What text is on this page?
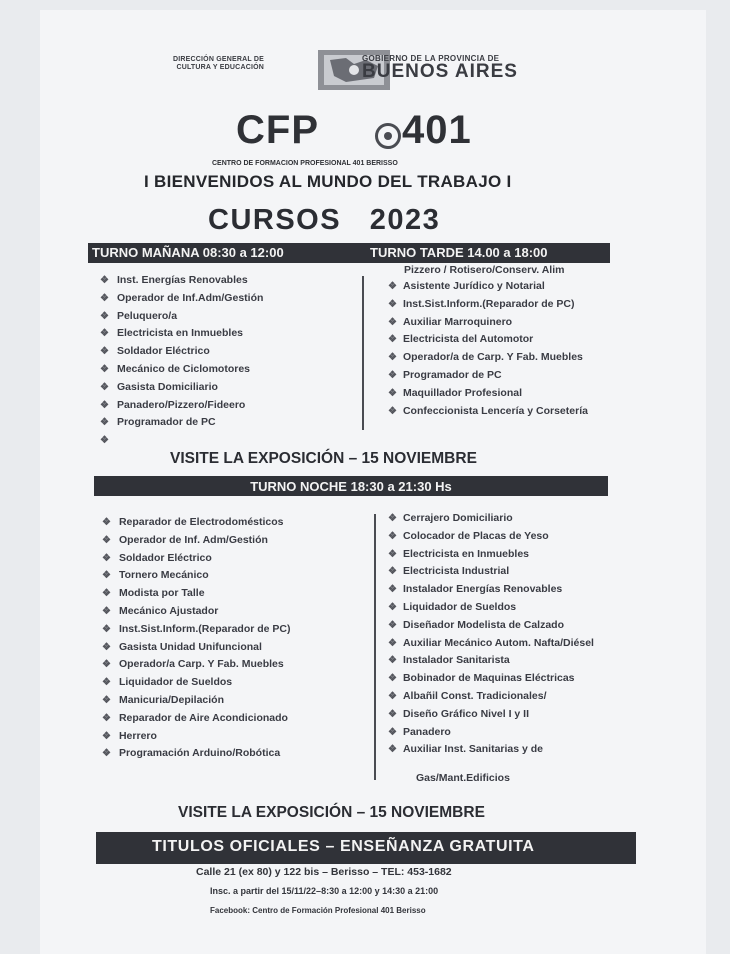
DIRECCIÓN GENERAL DE
CULTURA Y EDUCACIÓN
GOBIERNO DE LA PROVINCIA DE
BUENOS AIRES
CFP 401
CENTRO DE FORMACION PROFESIONAL 401 BERISSO
I BIENVENIDOS AL MUNDO DEL TRABAJO I
CURSOS   2023
TURNO MAÑANA 08:30 a 12:00	TURNO TARDE 14.00 a 18:00
❖ Inst. Energías Renovables
❖ Operador de Inf.Adm/Gestión
❖ Peluquero/a
❖ Electricista en Inmuebles
❖ Soldador Eléctrico
❖ Mecánico de Ciclomotores
❖ Gasista Domiciliario
❖ Panadero/Pizzero/Fideero
❖ Programador de PC
❖
Pizzero / Rotisero/Conserv. Alim
❖ Asistente Jurídico y Notarial
❖ Inst.Sist.Inform.(Reparador de PC)
❖ Auxiliar Marroquinero
❖ Electricista del Automotor
❖ Operador/a de Carp. Y Fab. Muebles
❖ Programador de PC
❖ Maquillador Profesional
❖ Confeccionista Lencería y Corsetería
VISITE LA EXPOSICIÓN – 15 NOVIEMBRE
TURNO NOCHE 18:30 a 21:30 Hs
❖ Reparador de Electrodomésticos
❖ Operador de Inf. Adm/Gestión
❖ Soldador Eléctrico
❖ Tornero Mecánico
❖ Modista por Talle
❖ Mecánico Ajustador
❖ Inst.Sist.Inform.(Reparador de PC)
❖ Gasista Unidad Unifuncional
❖ Operador/a Carp. Y Fab. Muebles
❖ Liquidador de Sueldos
❖ Manicuria/Depilación
❖ Reparador de Aire Acondicionado
❖ Herrero
❖ Programación Arduino/Robótica
❖ Cerrajero Domiciliario
❖ Colocador de Placas de Yeso
❖ Electricista en Inmuebles
❖ Electricista Industrial
❖ Instalador Energías Renovables
❖ Liquidador de Sueldos
❖ Diseñador Modelista de Calzado
❖ Auxiliar Mecánico Autom. Nafta/Diésel
❖ Instalador Sanitarista
❖ Bobinador de Maquinas Eléctricas
❖ Albañil Const. Tradicionales/
❖ Diseño Gráfico Nivel I y II
❖ Panadero
❖ Auxiliar Inst. Sanitarias y de
Gas/Mant.Edificios
VISITE LA EXPOSICIÓN – 15 NOVIEMBRE
TITULOS OFICIALES – ENSEÑANZA GRATUITA
Calle 21 (ex 80) y 122 bis – Berisso – TEL: 453-1682
Insc. a partir del 15/11/22–8:30 a 12:00 y 14:30 a 21:00
Facebook: Centro de Formación Profesional 401 Berisso
